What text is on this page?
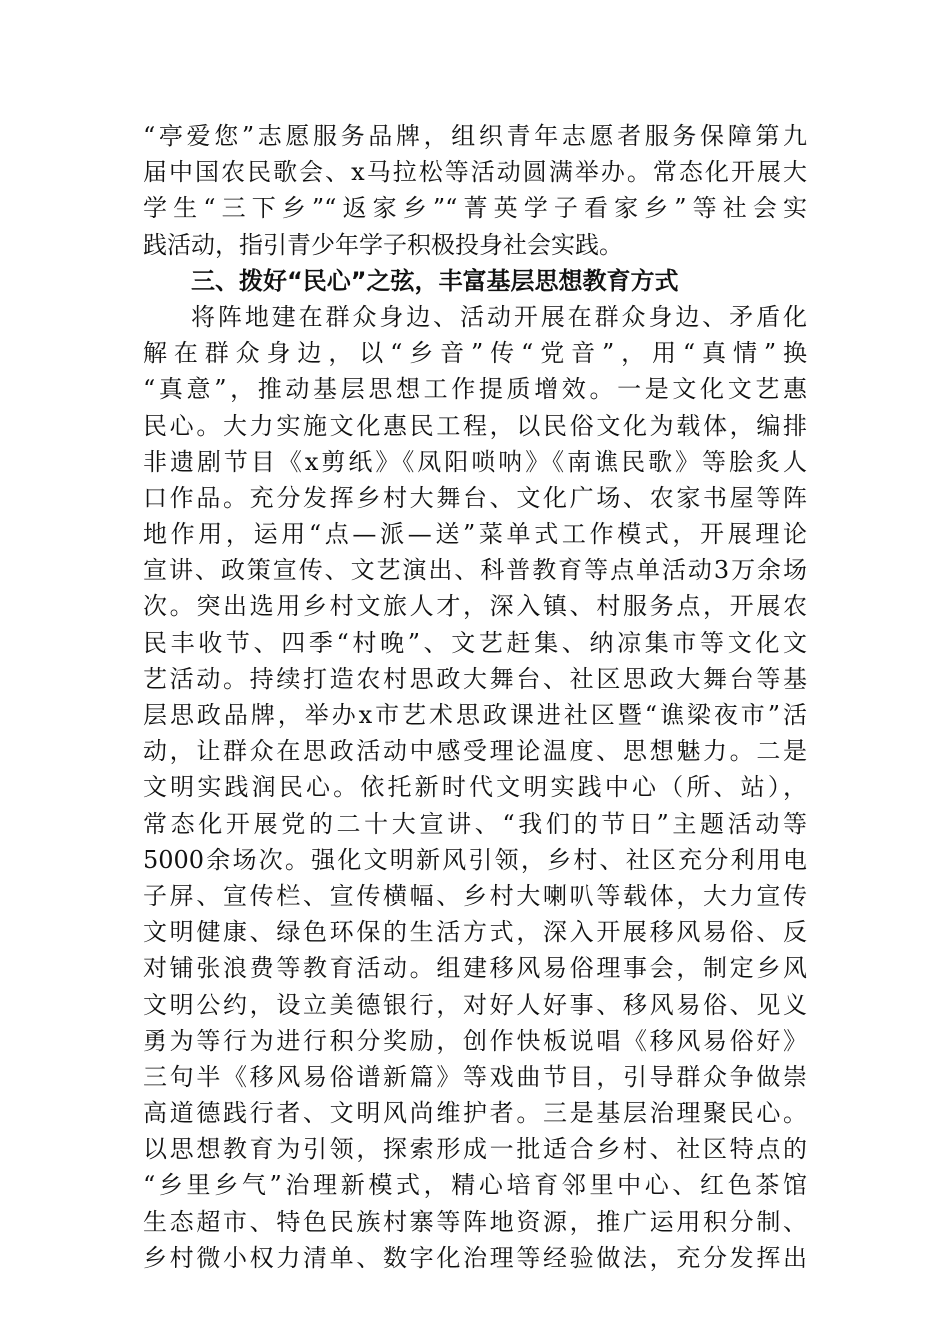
“亭爱您”志愿服务品牌，组织青年志愿者服务保障第九
届中国农民歌会、x马拉松等活动圆满举办。常态化开展大
学生“三下乡”“返家乡”“菁英学子看家乡”等社会实
践活动，指引青少年学子积极投身社会实践。
三、拨好“民心”之弦，丰富基层思想教育方式
将阵地建在群众身边、活动开展在群众身边、矛盾化
解在群众身边，以“乡音”传“党音”，用“真情”换
“真意”，推动基层思想工作提质增效。一是文化文艺惠
民心。大力实施文化惠民工程，以民俗文化为载体，编排
非遗剧节目《x剪纸》《凤阳唢呐》《南谯民歌》等脍炙人
口作品。充分发挥乡村大舞台、文化广场、农家书屋等阵
地作用，运用“点—派—送”菜单式工作模式，开展理论
宣讲、政策宣传、文艺演出、科普教育等点单活动3万余场
次。突出选用乡村文旅人才，深入镇、村服务点，开展农
民丰收节、四季“村晚”、文艺赶集、纳凉集市等文化文
艺活动。持续打造农村思政大舞台、社区思政大舞台等基
层思政品牌，举办x市艺术思政课进社区暨“谯梁夜市”活
动，让群众在思政活动中感受理论温度、思想魅力。二是
文明实践润民心。依托新时代文明实践中心（所、站），
常态化开展党的二十大宣讲、“我们的节日”主题活动等
5000余场次。强化文明新风引领，乡村、社区充分利用电
子屏、宣传栏、宣传横幅、乡村大喇叭等载体，大力宣传
文明健康、绿色环保的生活方式，深入开展移风易俗、反
对铺张浪费等教育活动。组建移风易俗理事会，制定乡风
文明公约，设立美德银行，对好人好事、移风易俗、见义
勇为等行为进行积分奖励，创作快板说唱《移风易俗好》
三句半《移风易俗谱新篇》等戏曲节目，引导群众争做崇
高道德践行者、文明风尚维护者。三是基层治理聚民心。
以思想教育为引领，探索形成一批适合乡村、社区特点的
“乡里乡气”治理新模式，精心培育邻里中心、红色茶馆
生态超市、特色民族村寨等阵地资源，推广运用积分制、
乡村微小权力清单、数字化治理等经验做法，充分发挥出
